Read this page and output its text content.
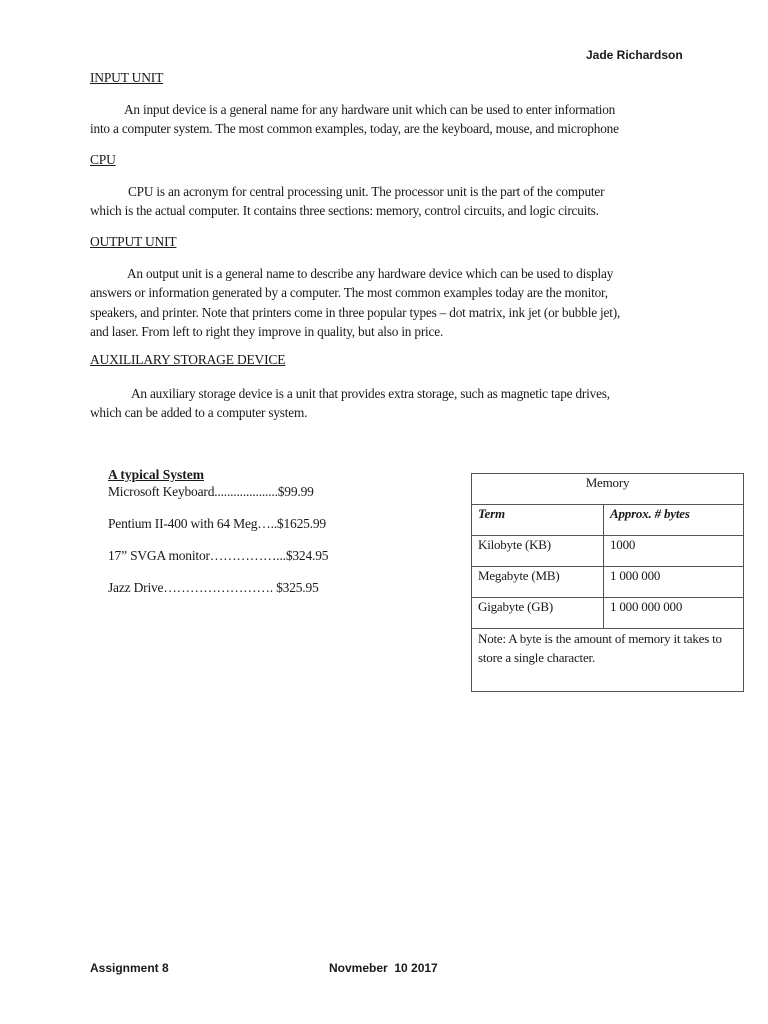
Jade Richardson
INPUT UNIT
An input device is a general name for any hardware unit which can be used to enter information
into a computer system. The most common examples, today, are the keyboard, mouse, and microphone
CPU
CPU is an acronym for central processing unit. The processor unit is the part of the computer
which is the actual computer. It contains three sections: memory, control circuits, and logic circuits.
OUTPUT UNIT
An output unit is a general name to describe any hardware device which can be used to display
answers or information generated by a computer. The most common examples today are the monitor,
speakers, and printer. Note that printers come in three popular types – dot matrix, ink jet (or bubble jet),
and laser. From left to right they improve in quality, but also in price.
AUXILILARY STORAGE DEVICE
An auxiliary storage device is a unit that provides extra storage, such as magnetic tape drives,
which can be added to a computer system.
A typical System
Microsoft Keyboard....................$99.99
Pentium II-400 with 64 Meg…..$1625.99
17” SVGA monitor……………...$324.95
Jazz Drive……………………. $325.95
Memory	
Term	Approx. # bytes
Kilobyte (KB)	1000
Megabyte (MB)	1 000 000
Gigabyte (GB)	1 000 000 000
Note: A byte is the amount of memory it takes to store a single character.	
Assignment 8	Novmeber  10 2017
